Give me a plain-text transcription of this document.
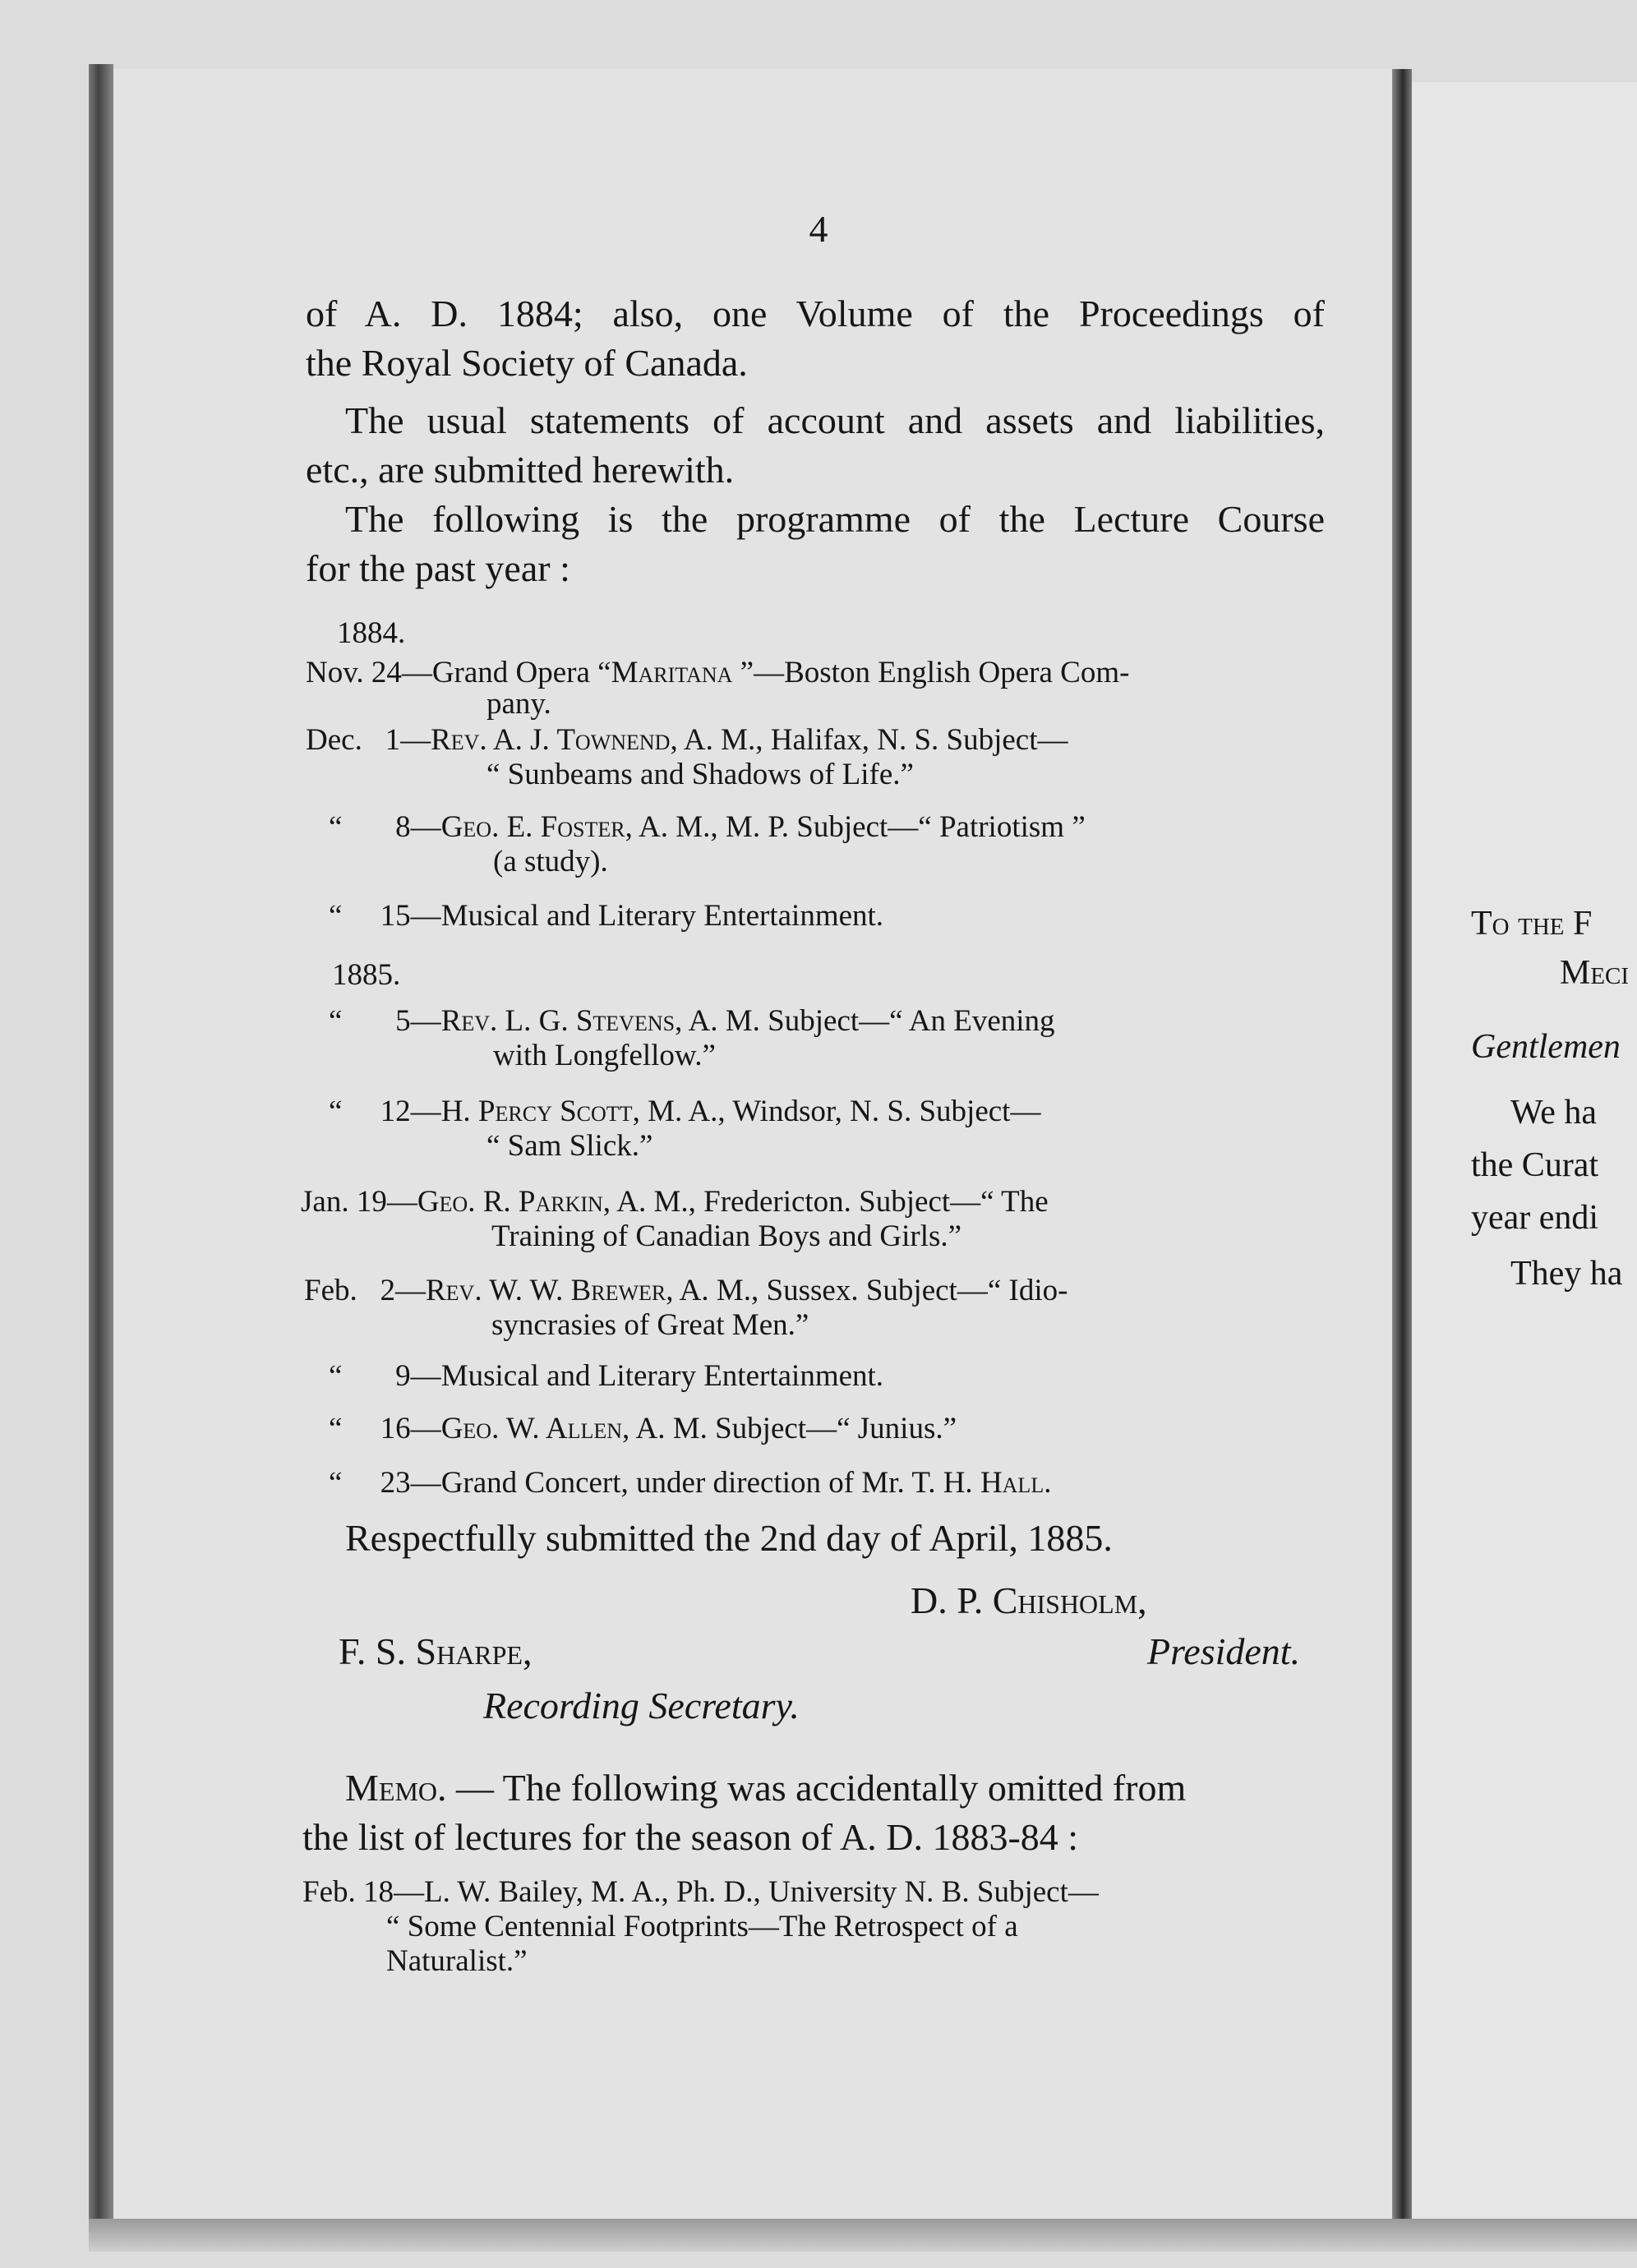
4
of A. D. 1884; also, one Volume of the Proceedings of
the Royal Society of Canada.
The usual statements of account and assets and liabilities,
etc., are submitted herewith.
The following is the programme of the Lecture Course
for the past year :
1884.
Nov. 24—Grand Opera “Maritana ”—Boston English Opera Com-
pany.
Dec.   1—Rev. A. J. Townend, A. M., Halifax, N. S. Subject—
“ Sunbeams and Shadows of Life.”
“       8—Geo. E. Foster, A. M., M. P. Subject—“ Patriotism ”
(a study).
“     15—Musical and Literary Entertainment.
1885.
“       5—Rev. L. G. Stevens, A. M. Subject—“ An Evening
with Longfellow.”
“     12—H. Percy Scott, M. A., Windsor, N. S. Subject—
“ Sam Slick.”
Jan. 19—Geo. R. Parkin, A. M., Fredericton. Subject—“ The
Training of Canadian Boys and Girls.”
Feb.   2—Rev. W. W. Brewer, A. M., Sussex. Subject—“ Idio-
syncrasies of Great Men.”
“       9—Musical and Literary Entertainment.
“     16—Geo. W. Allen, A. M. Subject—“ Junius.”
“     23—Grand Concert, under direction of Mr. T. H. Hall.
Respectfully submitted the 2nd day of April, 1885.
D. P. Chisholm,
F. S. Sharpe,	President.
Recording Secretary.
Memo. — The following was accidentally omitted from
the list of lectures for the season of A. D. 1883-84 :
Feb. 18—L. W. Bailey, M. A., Ph. D., University N. B. Subject—
“ Some Centennial Footprints—The Retrospect of a
Naturalist.”
To the F
Meci
Gentlemen
We ha
the Curat
year endi
They ha
